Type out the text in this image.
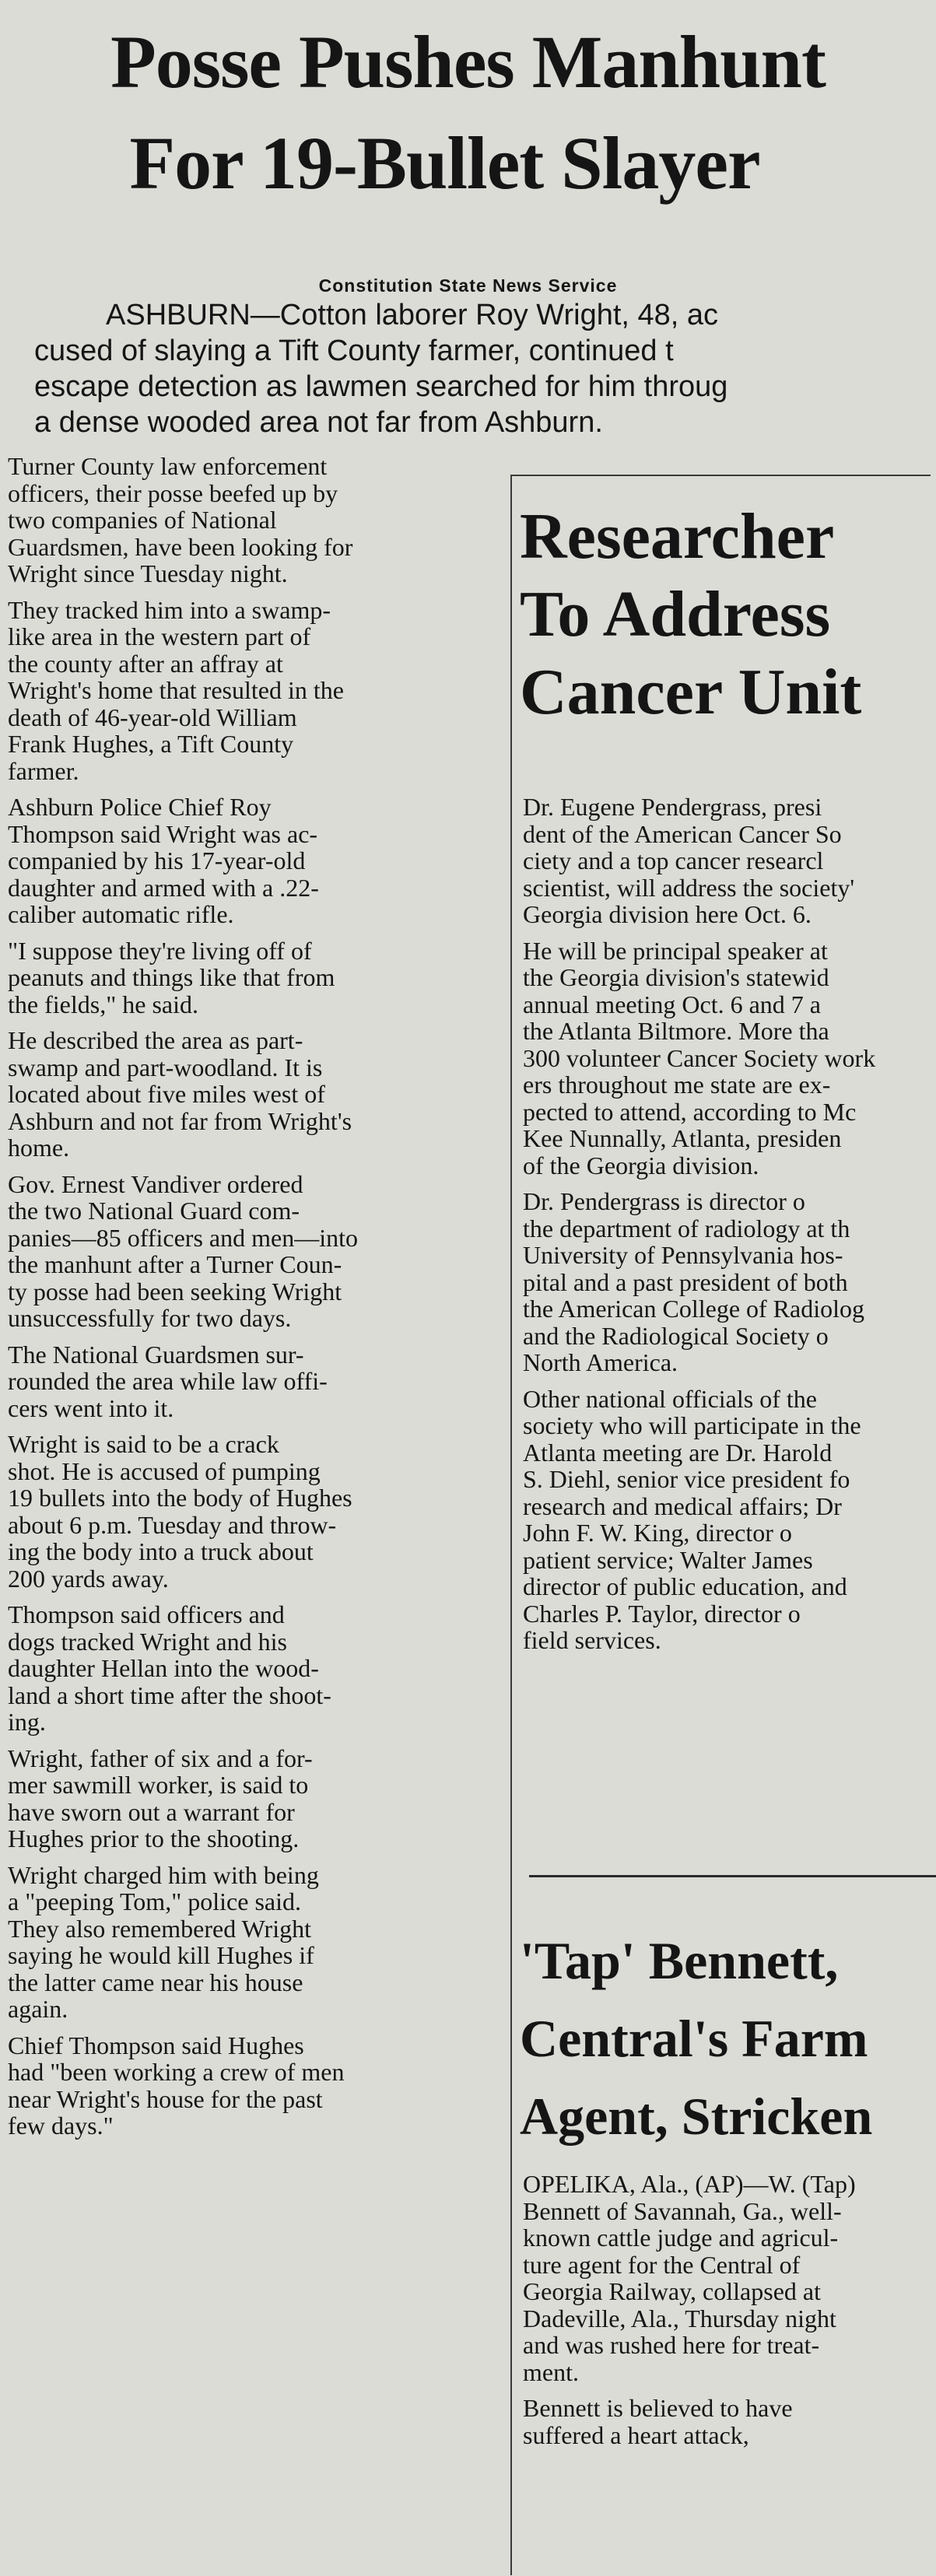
Posse Pushes Manhunt
For 19-Bullet Slayer
Constitution State News Service
ASHBURN—Cotton laborer Roy Wright, 48, ac
cused of slaying a Tift County farmer, continued t
escape detection as lawmen searched for him throug
a dense wooded area not far from Ashburn.

Turner County law enforcement
officers, their posse beefed up by
two companies of National
Guardsmen, have been looking for
Wright since Tuesday night.

They tracked him into a swamp-
like area in the western part of
the county after an affray at
Wright's home that resulted in the
death of 46-year-old William
Frank Hughes, a Tift County
farmer.

Ashburn Police Chief Roy
Thompson said Wright was ac-
companied by his 17-year-old
daughter and armed with a .22-
caliber automatic rifle.

"I suppose they're living off of
peanuts and things like that from
the fields," he said.

He described the area as part-
swamp and part-woodland. It is
located about five miles west of
Ashburn and not far from Wright's
home.

Gov. Ernest Vandiver ordered
the two National Guard com-
panies—85 officers and men—into
the manhunt after a Turner Coun-
ty posse had been seeking Wright
unsuccessfully for two days.

The National Guardsmen sur-
rounded the area while law offi-
cers went into it.

Wright is said to be a crack
shot. He is accused of pumping
19 bullets into the body of Hughes
about 6 p.m. Tuesday and throw-
ing the body into a truck about
200 yards away.

Thompson said officers and
dogs tracked Wright and his
daughter Hellan into the wood-
land a short time after the shoot-
ing.

Wright, father of six and a for-
mer sawmill worker, is said to
have sworn out a warrant for
Hughes prior to the shooting.

Wright charged him with being
a "peeping Tom," police said.
They also remembered Wright
saying he would kill Hughes if
the latter came near his house
again.

Chief Thompson said Hughes
had "been working a crew of men
near Wright's house for the past
few days."

Researcher
To Address
Cancer Unit

Dr. Eugene Pendergrass, presi
dent of the American Cancer So
ciety and a top cancer researcl
scientist, will address the society'
Georgia division here Oct. 6.

He will be principal speaker at
the Georgia division's statewid
annual meeting Oct. 6 and 7 a
the Atlanta Biltmore. More tha
300 volunteer Cancer Society work
ers throughout me state are ex-
pected to attend, according to Mc
Kee Nunnally, Atlanta, presiden
of the Georgia division.

Dr. Pendergrass is director o
the department of radiology at th
University of Pennsylvania hos-
pital and a past president of both
the American College of Radiolog
and the Radiological Society o
North America.

Other national officials of the
society who will participate in the
Atlanta meeting are Dr. Harold
S. Diehl, senior vice president fo
research and medical affairs; Dr
John F. W. King, director o
patient service; Walter James
director of public education, and
Charles P. Taylor, director o
field services.

'Tap' Bennett,
Central's Farm
Agent, Stricken

OPELIKA, Ala., (AP)—W. (Tap)
Bennett of Savannah, Ga., well-
known cattle judge and agricul-
ture agent for the Central of
Georgia Railway, collapsed at
Dadeville, Ala., Thursday night
and was rushed here for treat-
ment.

Bennett is believed to have
suffered a heart attack,
